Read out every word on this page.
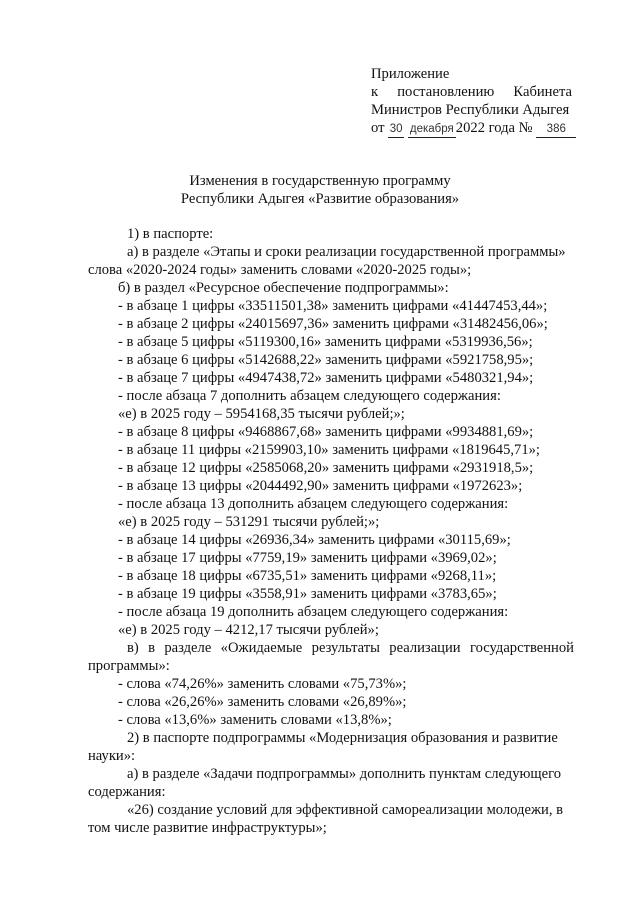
Приложение
к постановлению Кабинета
Министров Республики Адыгея
от 30 декабря 2022 года № 386
Изменения в государственную программу
Республики Адыгея «Развитие образования»
1) в паспорте:
а) в разделе «Этапы и сроки реализации государственной программы»
слова «2020-2024 годы» заменить словами «2020-2025 годы»;
б) в раздел «Ресурсное обеспечение подпрограммы»:
- в абзаце 1 цифры «33511501,38» заменить цифрами «41447453,44»;
- в абзаце 2 цифры «24015697,36» заменить цифрами «31482456,06»;
- в абзаце 5 цифры «5119300,16» заменить цифрами «5319936,56»;
- в абзаце 6 цифры «5142688,22» заменить цифрами «5921758,95»;
- в абзаце 7 цифры «4947438,72» заменить цифрами «5480321,94»;
- после абзаца 7 дополнить абзацем следующего содержания:
«е) в 2025 году – 5954168,35 тысячи рублей;»;
- в абзаце 8 цифры «9468867,68» заменить цифрами «9934881,69»;
- в абзаце 11 цифры «2159903,10» заменить цифрами «1819645,71»;
- в абзаце 12 цифры «2585068,20» заменить цифрами «2931918,5»;
- в абзаце 13 цифры «2044492,90» заменить цифрами «1972623»;
- после абзаца 13 дополнить абзацем следующего содержания:
«е) в 2025 году – 531291 тысячи рублей;»;
- в абзаце 14 цифры «26936,34» заменить цифрами «30115,69»;
- в абзаце 17 цифры «7759,19» заменить цифрами «3969,02»;
- в абзаце 18 цифры «6735,51» заменить цифрами «9268,11»;
- в абзаце 19 цифры «3558,91» заменить цифрами «3783,65»;
- после абзаца 19 дополнить абзацем следующего содержания:
«е) в 2025 году – 4212,17 тысячи рублей»;
в) в разделе «Ожидаемые результаты реализации государственной
программы»:
- слова «74,26%» заменить словами «75,73%»;
- слова «26,26%» заменить словами «26,89%»;
- слова «13,6%» заменить словами «13,8%»;
2) в паспорте подпрограммы «Модернизация образования и развитие
науки»:
а) в разделе «Задачи подпрограммы» дополнить пунктам следующего
содержания:
«26) создание условий для эффективной самореализации молодежи, в
том числе развитие инфраструктуры»;
